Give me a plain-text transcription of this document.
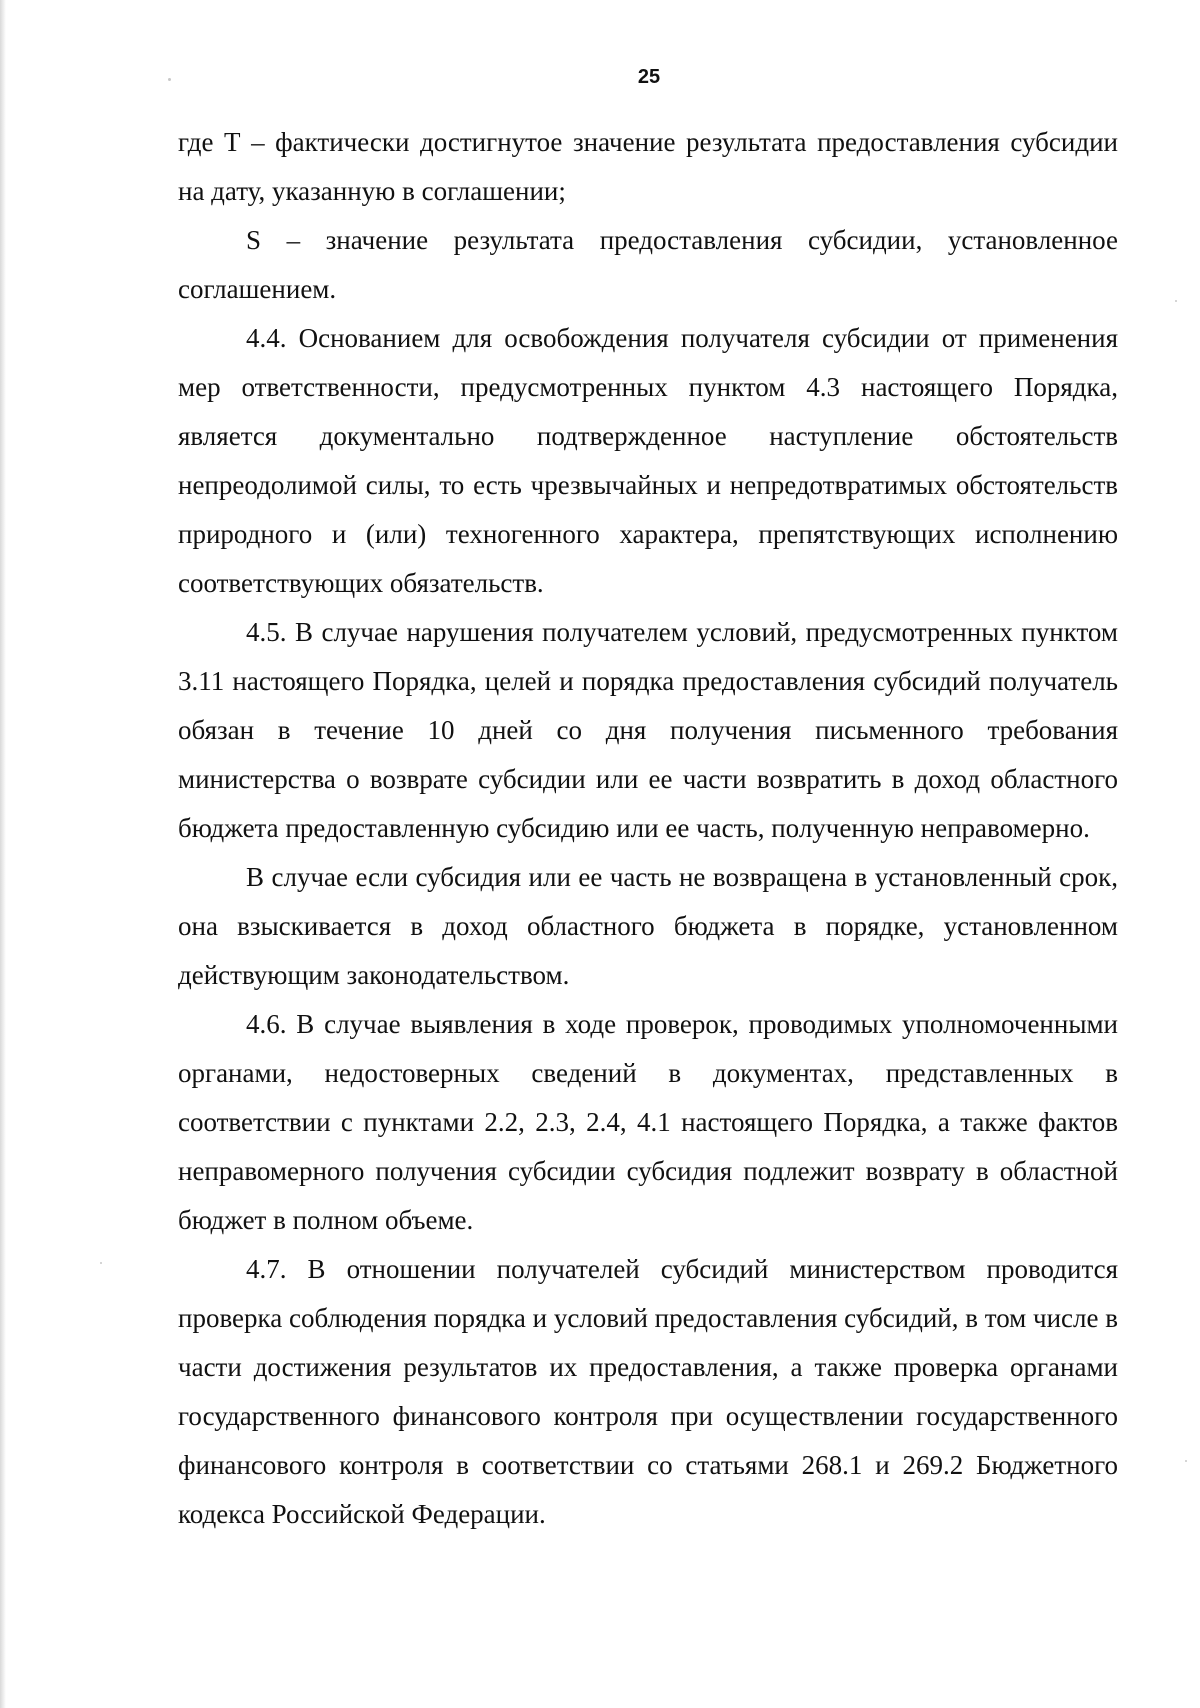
25

где Т – фактически достигнутое значение результата предоставления субсидии на дату, указанную в соглашении;

S – значение результата предоставления субсидии, установленное соглашением.

4.4. Основанием для освобождения получателя субсидии от применения мер ответственности, предусмотренных пунктом 4.3 настоящего Порядка, является документально подтвержденное наступление обстоятельств непреодолимой силы, то есть чрезвычайных и непредотвратимых обстоятельств природного и (или) техногенного характера, препятствующих исполнению соответствующих обязательств.

4.5. В случае нарушения получателем условий, предусмотренных пунктом 3.11 настоящего Порядка, целей и порядка предоставления субсидий получатель обязан в течение 10 дней со дня получения письменного требования министерства о возврате субсидии или ее части возвратить в доход областного бюджета предоставленную субсидию или ее часть, полученную неправомерно.

В случае если субсидия или ее часть не возвращена в установленный срок, она взыскивается в доход областного бюджета в порядке, установленном действующим законодательством.

4.6. В случае выявления в ходе проверок, проводимых уполномоченными органами, недостоверных сведений в документах, представленных в соответствии с пунктами 2.2, 2.3, 2.4, 4.1 настоящего Порядка, а также фактов неправомерного получения субсидии субсидия подлежит возврату в областной бюджет в полном объеме.

4.7. В отношении получателей субсидий министерством проводится проверка соблюдения порядка и условий предоставления субсидий, в том числе в части достижения результатов их предоставления, а также проверка органами государственного финансового контроля при осуществлении государственного финансового контроля в соответствии со статьями 268.1 и 269.2 Бюджетного кодекса Российской Федерации.
